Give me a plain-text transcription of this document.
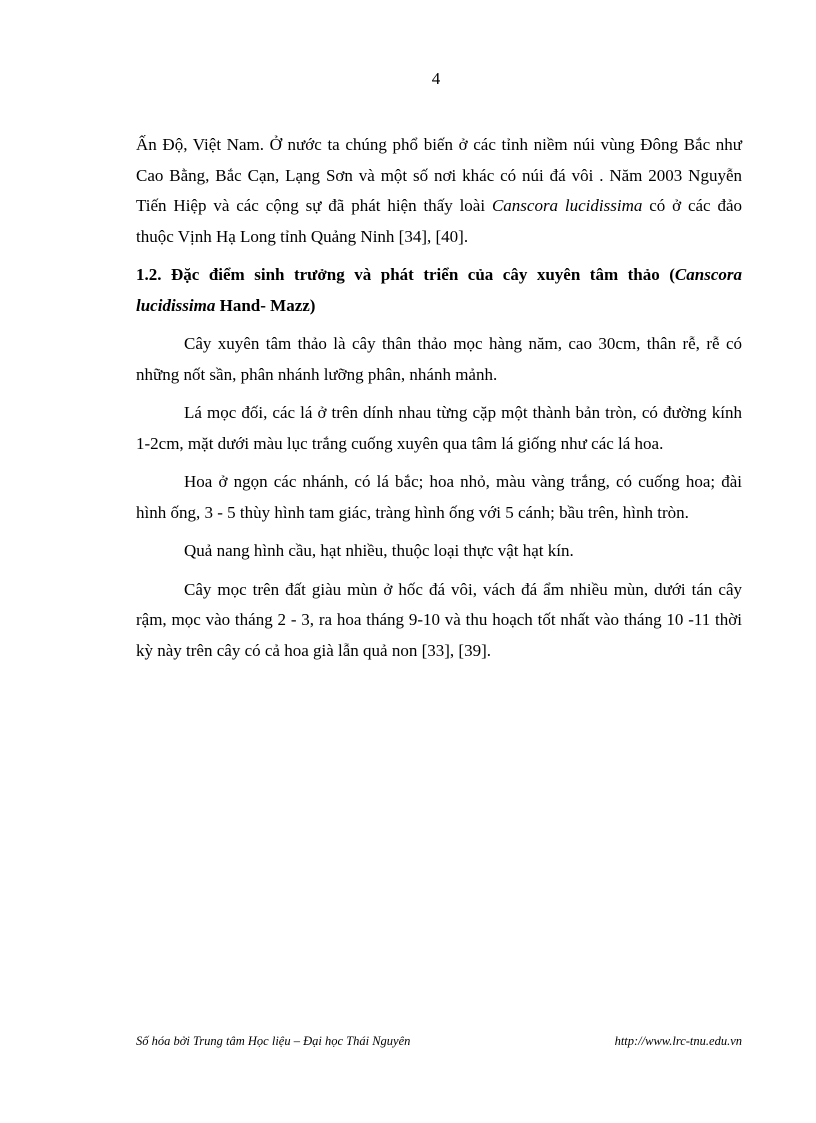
4

Ấn Độ, Việt Nam. Ở nước ta chúng phổ biến ở các tỉnh niềm núi vùng Đông Bắc như Cao Bằng, Bắc Cạn, Lạng Sơn và một số nơi khác có núi đá vôi . Năm 2003 Nguyễn Tiến Hiệp và các cộng sự đã phát hiện thấy loài Canscora lucidissima có ở các đảo thuộc Vịnh Hạ Long tỉnh Quảng Ninh [34], [40].

1.2. Đặc điểm sinh trưởng và phát triển của cây xuyên tâm thảo (Canscora lucidissima Hand- Mazz)

Cây xuyên tâm thảo là cây thân thảo mọc hàng năm, cao 30cm, thân rễ, rễ có những nốt sần, phân nhánh lưỡng phân, nhánh mảnh.

Lá mọc đối, các lá ở trên dính nhau từng cặp một thành bản tròn, có đường kính 1-2cm, mặt dưới màu lục trắng cuống xuyên qua tâm lá giống như các lá hoa.

Hoa ở ngọn các nhánh, có lá bắc; hoa nhỏ, màu vàng trắng, có cuống hoa; đài hình ống, 3 - 5 thùy hình tam giác, tràng hình ống với 5 cánh; bầu trên, hình tròn.

Quả nang hình cầu, hạt nhiều, thuộc loại thực vật hạt kín.

Cây mọc trên đất giàu mùn ở hốc đá vôi, vách đá ẩm nhiều mùn, dưới tán cây rậm, mọc vào tháng 2 - 3, ra hoa tháng 9-10 và thu hoạch tốt nhất vào tháng 10 -11 thời kỳ này trên cây có cả hoa già lẫn quả non [33], [39].

Số hóa bởi Trung tâm Học liệu – Đại học Thái Nguyên	http://www.lrc-tnu.edu.vn
